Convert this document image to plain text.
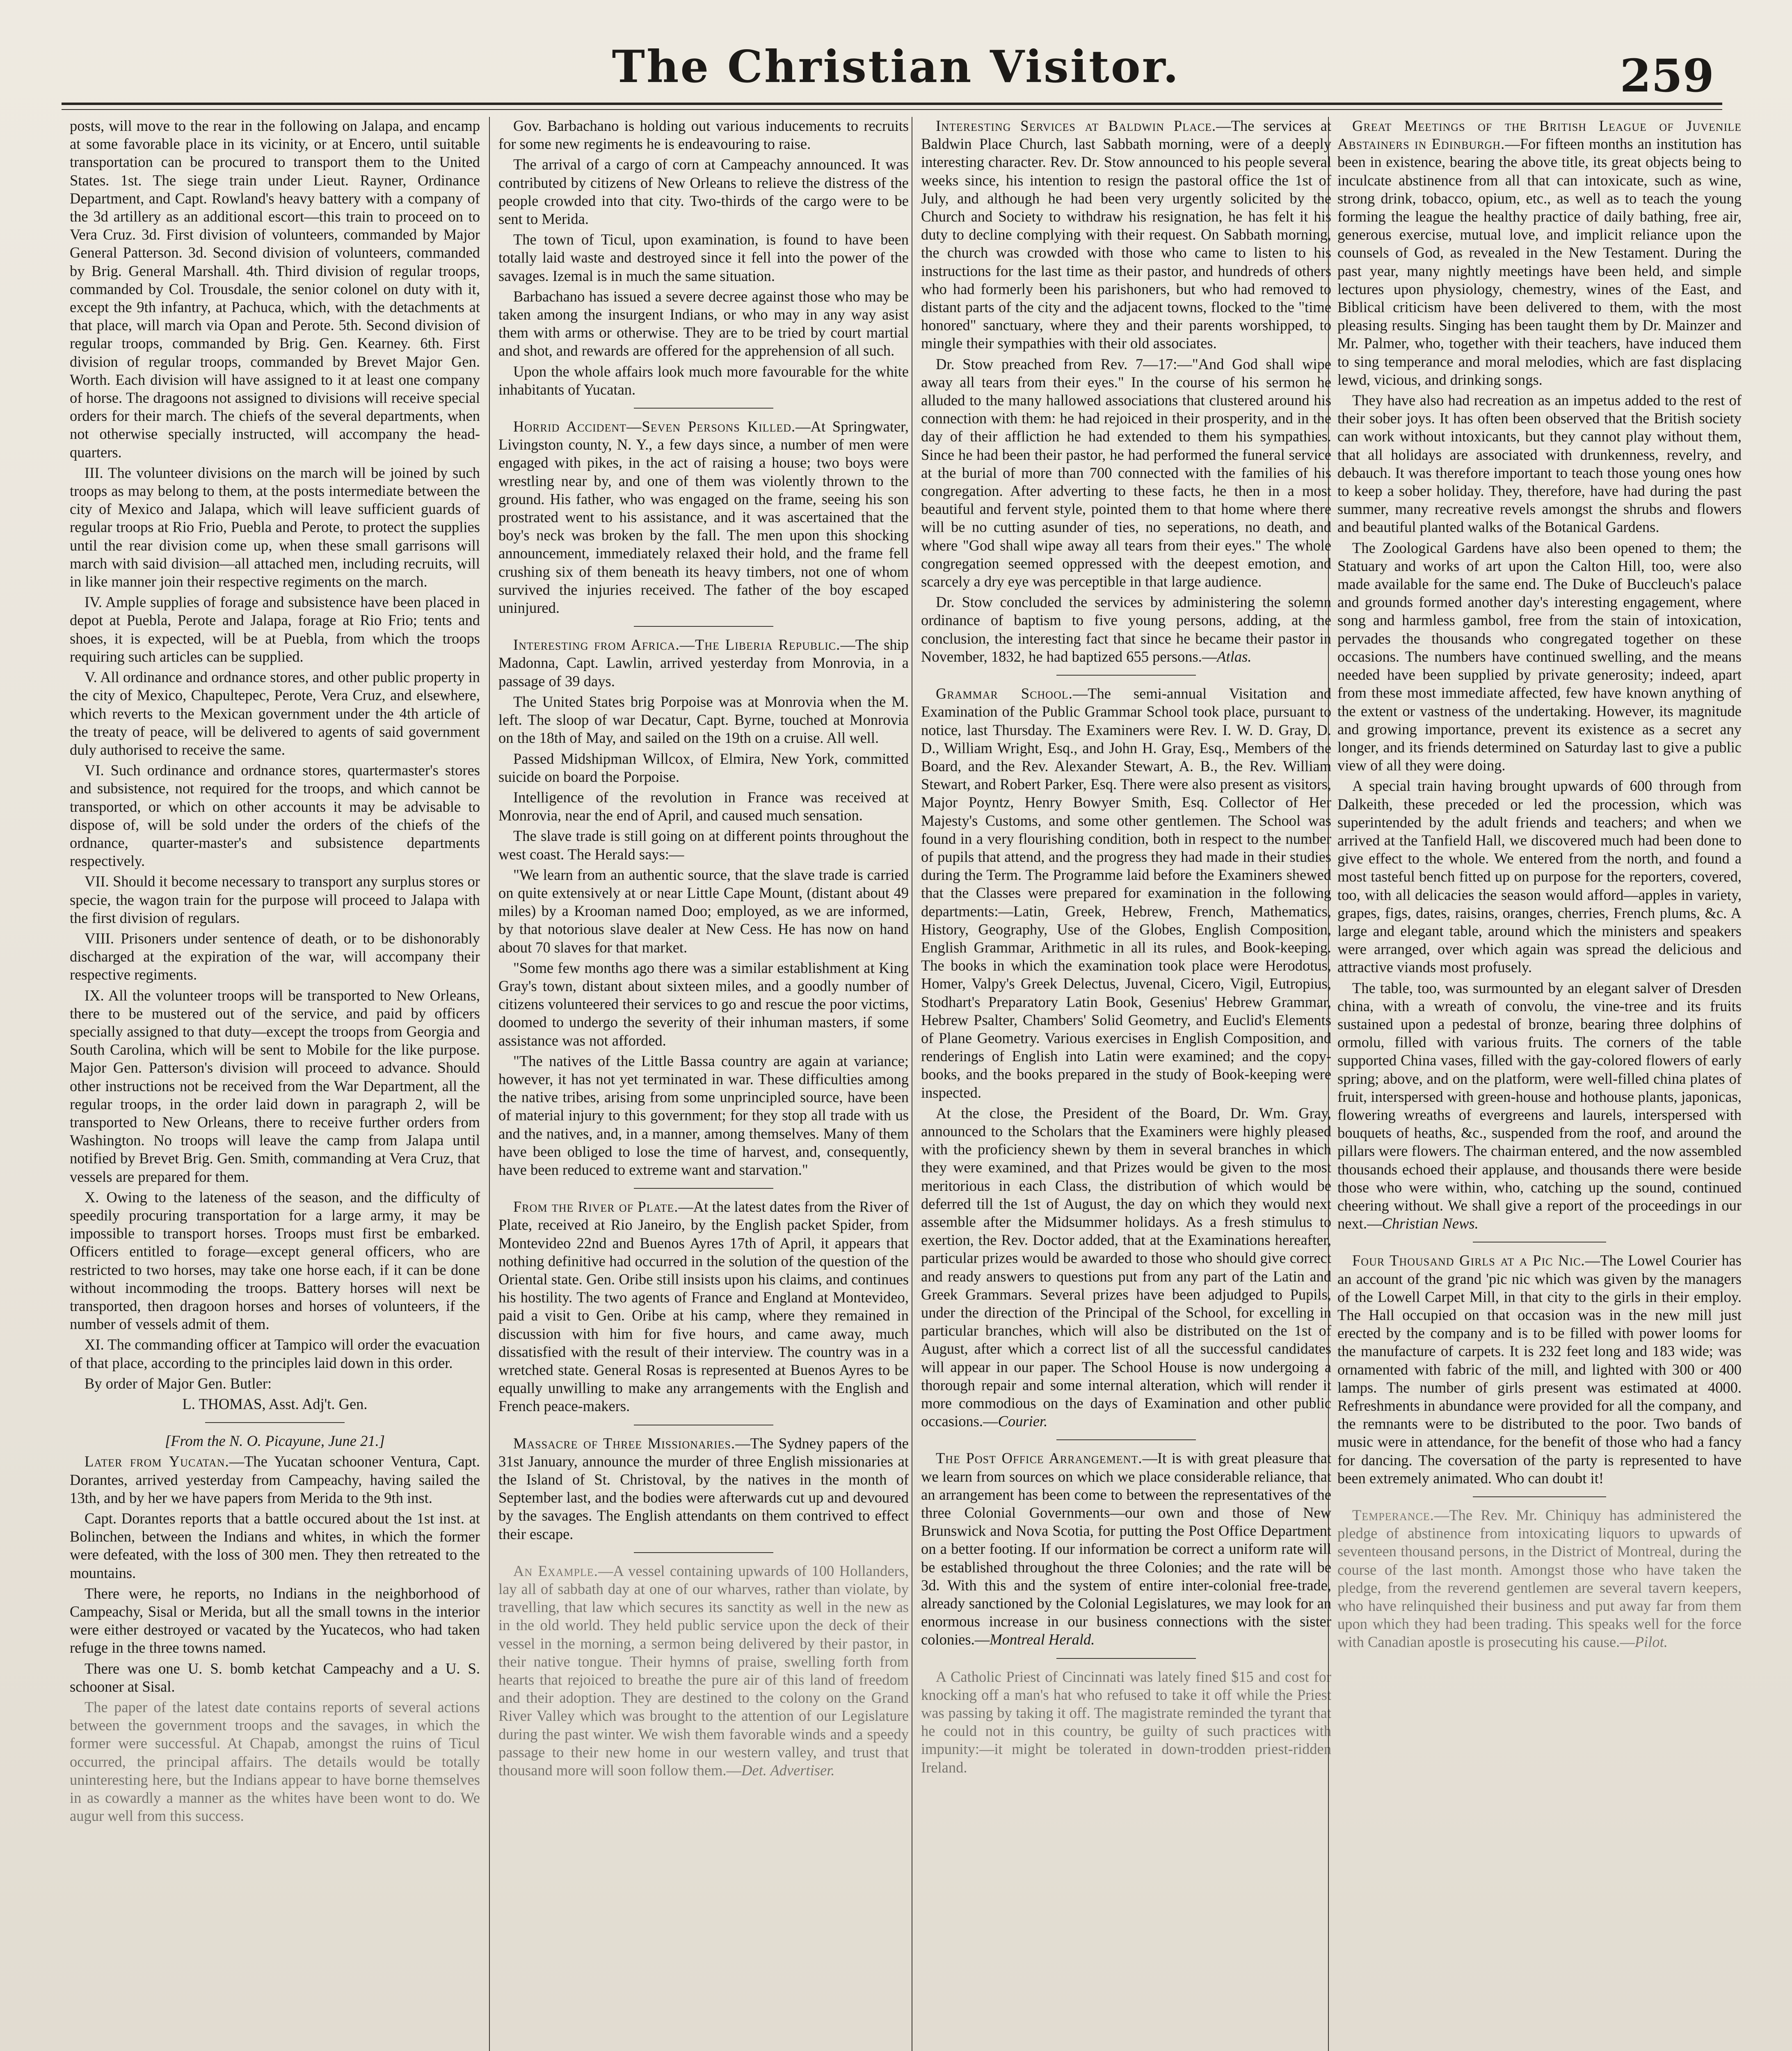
The Christian Visitor.	259

posts, will move to the rear in the following on Jalapa, and encamp at some favorable place in its vicinity, or at Encero, until suitable transportation can be procured to transport them to the United States. 1st. The siege train under Lieut. Rayner, Ordinance Department, and Capt. Rowland's heavy battery with a company of the 3d artillery as an additional escort—this train to proceed on to Vera Cruz. 3d. First division of volunteers, commanded by Major General Patterson. 3d. Second division of volunteers, commanded by Brig. General Marshall. 4th. Third division of regular troops, commanded by Col. Trousdale, the senior colonel on duty with it, except the 9th infantry, at Pachuca, which, with the detachments at that place, will march via Opan and Perote. 5th. Second division of regular troops, commanded by Brig. Gen. Kearney. 6th. First division of regular troops, commanded by Brevet Major Gen. Worth. Each division will have assigned to it at least one company of horse. The dragoons not assigned to divisions will receive special orders for their march. The chiefs of the several departments, when not otherwise specially instructed, will accompany the head-quarters.

III. The volunteer divisions on the march will be joined by such troops as may belong to them, at the posts intermediate between the city of Mexico and Jalapa, which will leave sufficient guards of regular troops at Rio Frio, Puebla and Perote, to protect the supplies until the rear division come up, when these small garrisons will march with said division—all attached men, including recruits, will in like manner join their respective regiments on the march.

IV. Ample supplies of forage and subsistence have been placed in depot at Puebla, Perote and Jalapa, forage at Rio Frio; tents and shoes, it is expected, will be at Puebla, from which the troops requiring such articles can be supplied.

V. All ordinance and ordnance stores, and other public property in the city of Mexico, Chapultepec, Perote, Vera Cruz, and elsewhere, which reverts to the Mexican government under the 4th article of the treaty of peace, will be delivered to agents of said government duly authorised to receive the same.

VI. Such ordinance and ordnance stores, quartermaster's stores and subsistence, not required for the troops, and which cannot be transported, or which on other accounts it may be advisable to dispose of, will be sold under the orders of the chiefs of the ordnance, quarter-master's and subsistence departments respectively.

VII. Should it become necessary to transport any surplus stores or specie, the wagon train for the purpose will proceed to Jalapa with the first division of regulars.

VIII. Prisoners under sentence of death, or to be dishonorably discharged at the expiration of the war, will accompany their respective regiments.

IX. All the volunteer troops will be transported to New Orleans, there to be mustered out of the service, and paid by officers specially assigned to that duty—except the troops from Georgia and South Carolina, which will be sent to Mobile for the like purpose. Major Gen. Patterson's division will proceed to advance. Should other instructions not be received from the War Department, all the regular troops, in the order laid down in paragraph 2, will be transported to New Orleans, there to receive further orders from Washington. No troops will leave the camp from Jalapa until notified by Brevet Brig. Gen. Smith, commanding at Vera Cruz, that vessels are prepared for them.

X. Owing to the lateness of the season, and the difficulty of speedily procuring transportation for a large army, it may be impossible to transport horses. Troops must first be embarked. Officers entitled to forage—except general officers, who are restricted to two horses, may take one horse each, if it can be done without incommoding the troops. Battery horses will next be transported, then dragoon horses and horses of volunteers, if the number of vessels admit of them.

XI. The commanding officer at Tampico will order the evacuation of that place, according to the principles laid down in this order.

By order of Major Gen. Butler:

L. THOMAS, Asst. Adj't. Gen.

[From the N. O. Picayune, June 21.]

Later from Yucatan.—The Yucatan schooner Ventura, Capt. Dorantes, arrived yesterday from Campeachy, having sailed the 13th, and by her we have papers from Merida to the 9th inst.

Capt. Dorantes reports that a battle occured about the 1st inst. at Bolinchen, between the Indians and whites, in which the former were defeated, with the loss of 300 men. They then retreated to the mountains.

There were, he reports, no Indians in the neighborhood of Campeachy, Sisal or Merida, but all the small towns in the interior were either destroyed or vacated by the Yucatecos, who had taken refuge in the three towns named.

There was one U. S. bomb ketchat Campeachy and a U. S. schooner at Sisal.

The paper of the latest date contains reports of several actions between the government troops and the savages, in which the former were successful. At Chapab, amongst the ruins of Ticul occurred, the principal affairs. The details would be totally uninteresting here, but the Indians appear to have borne themselves in as cowardly a manner as the whites have been wont to do. We augur well from this success.

Gov. Barbachano is holding out various inducements to recruits for some new regiments he is endeavouring to raise.

The arrival of a cargo of corn at Campeachy announced. It was contributed by citizens of New Orleans to relieve the distress of the people crowded into that city. Two-thirds of the cargo were to be sent to Merida.

The town of Ticul, upon examination, is found to have been totally laid waste and destroyed since it fell into the power of the savages. Izemal is in much the same situation.

Barbachano has issued a severe decree against those who may be taken among the insurgent Indians, or who may in any way asist them with arms or otherwise. They are to be tried by court martial and shot, and rewards are offered for the apprehension of all such.

Upon the whole affairs look much more favourable for the white inhabitants of Yucatan.

Horrid Accident—Seven Persons Killed.—At Springwater, Livingston county, N. Y., a few days since, a number of men were engaged with pikes, in the act of raising a house; two boys were wrestling near by, and one of them was violently thrown to the ground. His father, who was engaged on the frame, seeing his son prostrated went to his assistance, and it was ascertained that the boy's neck was broken by the fall. The men upon this shocking announcement, immediately relaxed their hold, and the frame fell crushing six of them beneath its heavy timbers, not one of whom survived the injuries received. The father of the boy escaped uninjured.

Interesting from Africa.—The Liberia Republic.—The ship Madonna, Capt. Lawlin, arrived yesterday from Monrovia, in a passage of 39 days.

The United States brig Porpoise was at Monrovia when the M. left. The sloop of war Decatur, Capt. Byrne, touched at Monrovia on the 18th of May, and sailed on the 19th on a cruise. All well.

Passed Midshipman Willcox, of Elmira, New York, committed suicide on board the Porpoise.

Intelligence of the revolution in France was received at Monrovia, near the end of April, and caused much sensation.

The slave trade is still going on at different points throughout the west coast. The Herald says:—

"We learn from an authentic source, that the slave trade is carried on quite extensively at or near Little Cape Mount, (distant about 49 miles) by a Krooman named Doo; employed, as we are informed, by that notorious slave dealer at New Cess. He has now on hand about 70 slaves for that market.

"Some few months ago there was a similar establishment at King Gray's town, distant about sixteen miles, and a goodly number of citizens volunteered their services to go and rescue the poor victims, doomed to undergo the severity of their inhuman masters, if some assistance was not afforded.

"The natives of the Little Bassa country are again at variance; however, it has not yet terminated in war. These difficulties among the native tribes, arising from some unprincipled source, have been of material injury to this government; for they stop all trade with us and the natives, and, in a manner, among themselves. Many of them have been obliged to lose the time of harvest, and, consequently, have been reduced to extreme want and starvation."

From the River of Plate.—At the latest dates from the River of Plate, received at Rio Janeiro, by the English packet Spider, from Montevideo 22nd and Buenos Ayres 17th of April, it appears that nothing definitive had occurred in the solution of the question of the Oriental state. Gen. Oribe still insists upon his claims, and continues his hostility. The two agents of France and England at Montevideo, paid a visit to Gen. Oribe at his camp, where they remained in discussion with him for five hours, and came away, much dissatisfied with the result of their interview. The country was in a wretched state. General Rosas is represented at Buenos Ayres to be equally unwilling to make any arrangements with the English and French peace-makers.

Massacre of Three Missionaries.—The Sydney papers of the 31st January, announce the murder of three English missionaries at the Island of St. Christoval, by the natives in the month of September last, and the bodies were afterwards cut up and devoured by the savages. The English attendants on them contrived to effect their escape.

An Example.—A vessel containing upwards of 100 Hollanders, lay all of sabbath day at one of our wharves, rather than violate, by travelling, that law which secures its sanctity as well in the new as in the old world. They held public service upon the deck of their vessel in the morning, a sermon being delivered by their pastor, in their native tongue. Their hymns of praise, swelling forth from hearts that rejoiced to breathe the pure air of this land of freedom and their adoption. They are destined to the colony on the Grand River Valley which was brought to the attention of our Legislature during the past winter. We wish them favorable winds and a speedy passage to their new home in our western valley, and trust that thousand more will soon follow them.—Det. Advertiser.

Interesting Services at Baldwin Place.—The services at Baldwin Place Church, last Sabbath morning, were of a deeply interesting character. Rev. Dr. Stow announced to his people several weeks since, his intention to resign the pastoral office the 1st of July, and although he had been very urgently solicited by the Church and Society to withdraw his resignation, he has felt it his duty to decline complying with their request. On Sabbath morning, the church was crowded with those who came to listen to his instructions for the last time as their pastor, and hundreds of others who had formerly been his parishoners, but who had removed to distant parts of the city and the adjacent towns, flocked to the "time honored" sanctuary, where they and their parents worshipped, to mingle their sympathies with their old associates.

Dr. Stow preached from Rev. 7—17:—"And God shall wipe away all tears from their eyes." In the course of his sermon he alluded to the many hallowed associations that clustered around his connection with them: he had rejoiced in their prosperity, and in the day of their affliction he had extended to them his sympathies. Since he had been their pastor, he had performed the funeral service at the burial of more than 700 connected with the families of his congregation. After adverting to these facts, he then in a most beautiful and fervent style, pointed them to that home where there will be no cutting asunder of ties, no seperations, no death, and where "God shall wipe away all tears from their eyes." The whole congregation seemed oppressed with the deepest emotion, and scarcely a dry eye was perceptible in that large audience.

Dr. Stow concluded the services by administering the solemn ordinance of baptism to five young persons, adding, at the conclusion, the interesting fact that since he became their pastor in November, 1832, he had baptized 655 persons.—Atlas.

Grammar School.—The semi-annual Visitation and Examination of the Public Grammar School took place, pursuant to notice, last Thursday. The Examiners were Rev. I. W. D. Gray, D. D., William Wright, Esq., and John H. Gray, Esq., Members of the Board, and the Rev. Alexander Stewart, A. B., the Rev. William Stewart, and Robert Parker, Esq. There were also present as visitors, Major Poyntz, Henry Bowyer Smith, Esq. Collector of Her Majesty's Customs, and some other gentlemen. The School was found in a very flourishing condition, both in respect to the number of pupils that attend, and the progress they had made in their studies during the Term. The Programme laid before the Examiners shewed that the Classes were prepared for examination in the following departments:—Latin, Greek, Hebrew, French, Mathematics, History, Geography, Use of the Globes, English Composition, English Grammar, Arithmetic in all its rules, and Book-keeping. The books in which the examination took place were Herodotus, Homer, Valpy's Greek Delectus, Juvenal, Cicero, Vigil, Eutropius, Stodhart's Preparatory Latin Book, Gesenius' Hebrew Grammar, Hebrew Psalter, Chambers' Solid Geometry, and Euclid's Elements of Plane Geometry. Various exercises in English Composition, and renderings of English into Latin were examined; and the copy-books, and the books prepared in the study of Book-keeping were inspected.

At the close, the President of the Board, Dr. Wm. Gray, announced to the Scholars that the Examiners were highly pleased with the proficiency shewn by them in several branches in which they were examined, and that Prizes would be given to the most meritorious in each Class, the distribution of which would be deferred till the 1st of August, the day on which they would next assemble after the Midsummer holidays. As a fresh stimulus to exertion, the Rev. Doctor added, that at the Examinations hereafter, particular prizes would be awarded to those who should give correct and ready answers to questions put from any part of the Latin and Greek Grammars. Several prizes have been adjudged to Pupils, under the direction of the Principal of the School, for excelling in particular branches, which will also be distributed on the 1st of August, after which a correct list of all the successful candidates will appear in our paper. The School House is now undergoing a thorough repair and some internal alteration, which will render it more commodious on the days of Examination and other public occasions.—Courier.

The Post Office Arrangement.—It is with great pleasure that we learn from sources on which we place considerable reliance, that an arrangement has been come to between the representatives of the three Colonial Governments—our own and those of New Brunswick and Nova Scotia, for putting the Post Office Department on a better footing. If our information be correct a uniform rate will be established throughout the three Colonies; and the rate will be 3d. With this and the system of entire inter-colonial free-trade, already sanctioned by the Colonial Legislatures, we may look for an enormous increase in our business connections with the sister colonies.—Montreal Herald.

A Catholic Priest of Cincinnati was lately fined $15 and cost for knocking off a man's hat who refused to take it off while the Priest was passing by taking it off. The magistrate reminded the tyrant that he could not in this country, be guilty of such practices with impunity:—it might be tolerated in down-trodden priest-ridden Ireland.

Great Meetings of the British League of Juvenile Abstainers in Edinburgh.—For fifteen months an institution has been in existence, bearing the above title, its great objects being to inculcate abstinence from all that can intoxicate, such as wine, strong drink, tobacco, opium, etc., as well as to teach the young forming the league the healthy practice of daily bathing, free air, generous exercise, mutual love, and implicit reliance upon the counsels of God, as revealed in the New Testament. During the past year, many nightly meetings have been held, and simple lectures upon physiology, chemestry, wines of the East, and Biblical criticism have been delivered to them, with the most pleasing results. Singing has been taught them by Dr. Mainzer and Mr. Palmer, who, together with their teachers, have induced them to sing temperance and moral melodies, which are fast displacing lewd, vicious, and drinking songs.

They have also had recreation as an impetus added to the rest of their sober joys. It has often been observed that the British society can work without intoxicants, but they cannot play without them, that all holidays are associated with drunkenness, revelry, and debauch. It was therefore important to teach those young ones how to keep a sober holiday. They, therefore, have had during the past summer, many recreative revels amongst the shrubs and flowers and beautiful planted walks of the Botanical Gardens.

The Zoological Gardens have also been opened to them; the Statuary and works of art upon the Calton Hill, too, were also made available for the same end. The Duke of Buccleuch's palace and grounds formed another day's interesting engagement, where song and harmless gambol, free from the stain of intoxication, pervades the thousands who congregated together on these occasions. The numbers have continued swelling, and the means needed have been supplied by private generosity; indeed, apart from these most immediate affected, few have known anything of the extent or vastness of the undertaking. However, its magnitude and growing importance, prevent its existence as a secret any longer, and its friends determined on Saturday last to give a public view of all they were doing.

A special train having brought upwards of 600 through from Dalkeith, these preceded or led the procession, which was superintended by the adult friends and teachers; and when we arrived at the Tanfield Hall, we discovered much had been done to give effect to the whole. We entered from the north, and found a most tasteful bench fitted up on purpose for the reporters, covered, too, with all delicacies the season would afford—apples in variety, grapes, figs, dates, raisins, oranges, cherries, French plums, &c. A large and elegant table, around which the ministers and speakers were arranged, over which again was spread the delicious and attractive viands most profusely.

The table, too, was surmounted by an elegant salver of Dresden china, with a wreath of convolu, the vine-tree and its fruits sustained upon a pedestal of bronze, bearing three dolphins of ormolu, filled with various fruits. The corners of the table supported China vases, filled with the gay-colored flowers of early spring; above, and on the platform, were well-filled china plates of fruit, interspersed with green-house and hothouse plants, japonicas, flowering wreaths of evergreens and laurels, interspersed with bouquets of heaths, &c., suspended from the roof, and around the pillars were flowers. The chairman entered, and the now assembled thousands echoed their applause, and thousands there were beside those who were within, who, catching up the sound, continued cheering without. We shall give a report of the proceedings in our next.—Christian News.

Four Thousand Girls at a Pic Nic.—The Lowel Courier has an account of the grand 'pic nic which was given by the managers of the Lowell Carpet Mill, in that city to the girls in their employ. The Hall occupied on that occasion was in the new mill just erected by the company and is to be filled with power looms for the manufacture of carpets. It is 232 feet long and 183 wide; was ornamented with fabric of the mill, and lighted with 300 or 400 lamps. The number of girls present was estimated at 4000. Refreshments in abundance were provided for all the company, and the remnants were to be distributed to the poor. Two bands of music were in attendance, for the benefit of those who had a fancy for dancing. The coversation of the party is represented to have been extremely animated. Who can doubt it!

Temperance.—The Rev. Mr. Chiniquy has administered the pledge of abstinence from intoxicating liquors to upwards of seventeen thousand persons, in the District of Montreal, during the course of the last month. Amongst those who have taken the pledge, from the reverend gentlemen are several tavern keepers, who have relinquished their business and put away far from them upon which they had been trading. This speaks well for the force with Canadian apostle is prosecuting his cause.—Pilot.
